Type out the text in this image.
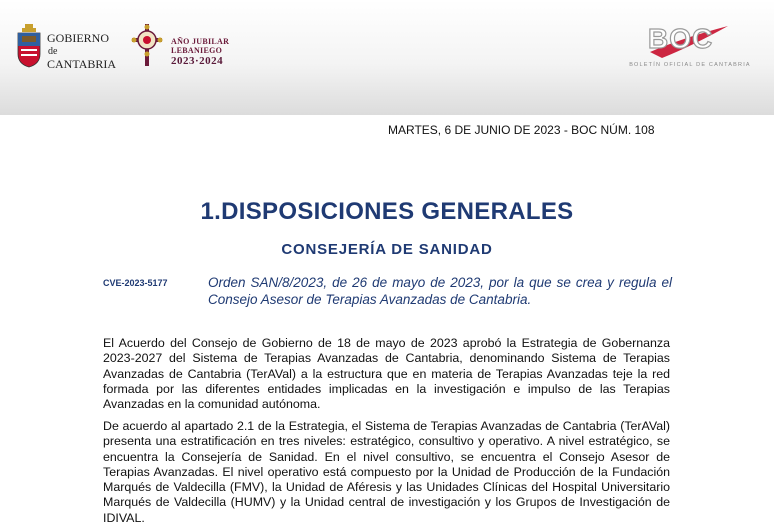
GOBIERNO
de
CANTABRIA
AÑO JUBILAR
LEBANIEGO
2023·2024
BOC
BOLETÍN OFICIAL DE CANTABRIA
MARTES, 6 DE JUNIO DE 2023 - BOC NÚM. 108
1.DISPOSICIONES GENERALES
CONSEJERÍA DE SANIDAD
CVE-2023-5177	Orden SAN/8/2023, de 26 de mayo de 2023, por la que se crea y regula el Consejo Asesor de Terapias Avanzadas de Cantabria.
El Acuerdo del Consejo de Gobierno de 18 de mayo de 2023 aprobó la Estrategia de Gobernanza 2023-2027 del Sistema de Terapias Avanzadas de Cantabria, denominando Sistema de Terapias Avanzadas de Cantabria (TerAVal) a la estructura que en materia de Terapias Avanzadas teje la red formada por las diferentes entidades implicadas en la investigación e impulso de las Terapias Avanzadas en la comunidad autónoma.
De acuerdo al apartado 2.1 de la Estrategia, el Sistema de Terapias Avanzadas de Cantabria (TerAVal) presenta una estratificación en tres niveles: estratégico, consultivo y operativo. A nivel estratégico, se encuentra la Consejería de Sanidad. En el nivel consultivo, se encuentra el Consejo Asesor de Terapias Avanzadas. El nivel operativo está compuesto por la Unidad de Producción de la Fundación Marqués de Valdecilla (FMV), la Unidad de Aféresis y las Unidades Clínicas del Hospital Universitario Marqués de Valdecilla (HUMV) y la Unidad central de investigación y los Grupos de Investigación de IDIVAL.
